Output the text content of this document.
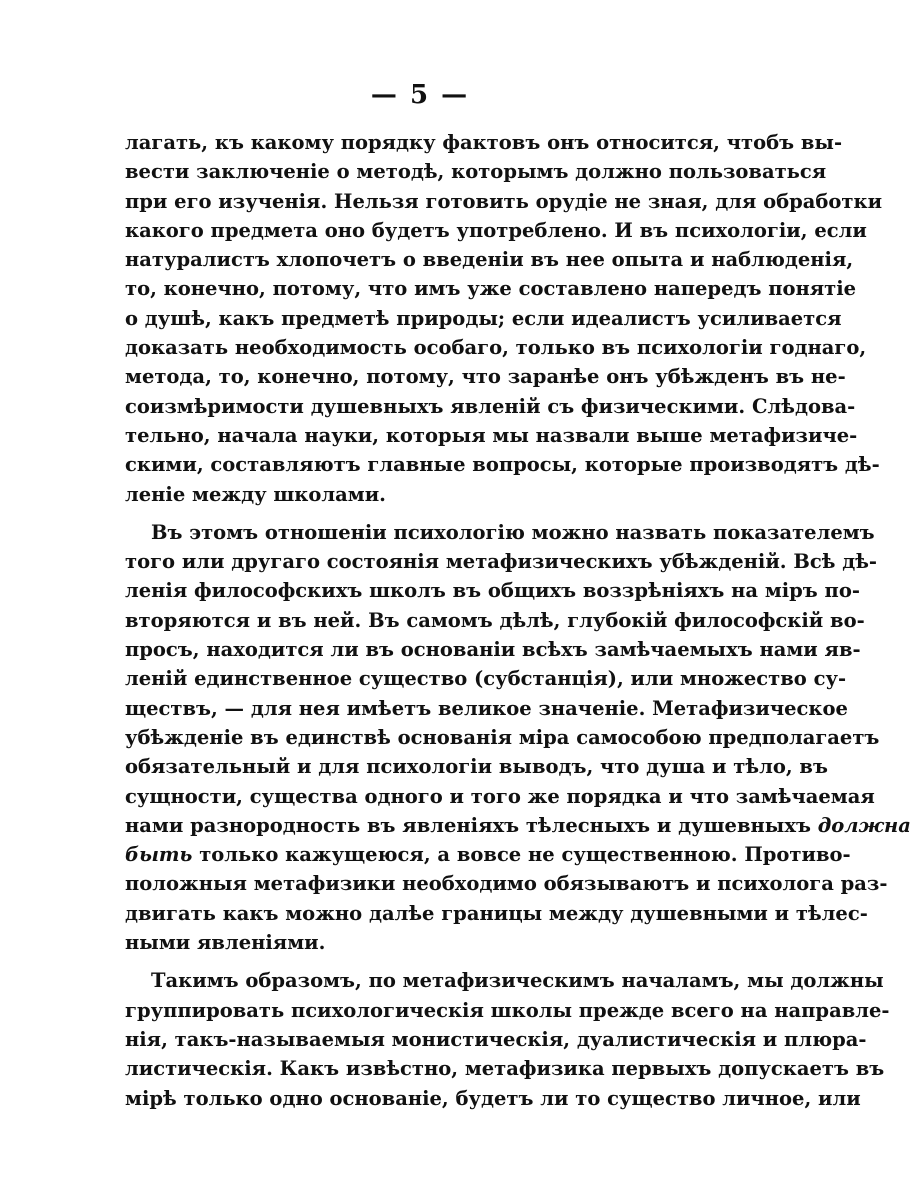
— 5 —
лагать, къ какому порядку фактовъ онъ относится, чтобъ вы-
вести заключеніе о методѣ, которымъ должно пользоваться
при его изученія. Нельзя готовить орудіе не зная, для обработки
какого предмета оно будетъ употреблено. И въ психологіи, если
натуралистъ хлопочетъ о введеніи въ нее опыта и наблюденія,
то, конечно, потому, что имъ уже составлено напередъ понятіе
о душѣ, какъ предметѣ природы; если идеалистъ усиливается
доказать необходимость особаго, только въ психологіи годнаго,
метода, то, конечно, потому, что заранѣе онъ убѣжденъ въ не-
соизмѣримости душевныхъ явленій съ физическими. Слѣдова-
тельно, начала науки, которыя мы назвали выше метафизиче-
скими, составляютъ главные вопросы, которые производятъ дѣ-
леніе между школами.
Въ этомъ отношеніи психологію можно назвать показателемъ
того или другаго состоянія метафизическихъ убѣжденій. Всѣ дѣ-
ленія философскихъ школъ въ общихъ воззрѣніяхъ на міръ по-
вторяются и въ ней. Въ самомъ дѣлѣ, глубокій философскій во-
просъ, находится ли въ основаніи всѣхъ замѣчаемыхъ нами яв-
леній единственное существо (субстанція), или множество су-
ществъ, — для нея имѣетъ великое значеніе. Метафизическое
убѣжденіе въ единствѣ основанія міра самособою предполагаетъ
обязательный и для психологіи выводъ, что душа и тѣло, въ
сущности, существа одного и того же порядка и что замѣчаемая
нами разнородность въ явленіяхъ тѣлесныхъ и душевныхъ должна
быть только кажущеюся, а вовсе не существенною. Противо-
положныя метафизики необходимо обязываютъ и психолога раз-
двигать какъ можно далѣе границы между душевными и тѣлес-
ными явленіями.
Такимъ образомъ, по метафизическимъ началамъ, мы должны
группировать психологическія школы прежде всего на направле-
нія, такъ-называемыя монистическія, дуалистическія и плюра-
листическія. Какъ извѣстно, метафизика первыхъ допускаетъ въ
мірѣ только одно основаніе, будетъ ли то существо личное, или
